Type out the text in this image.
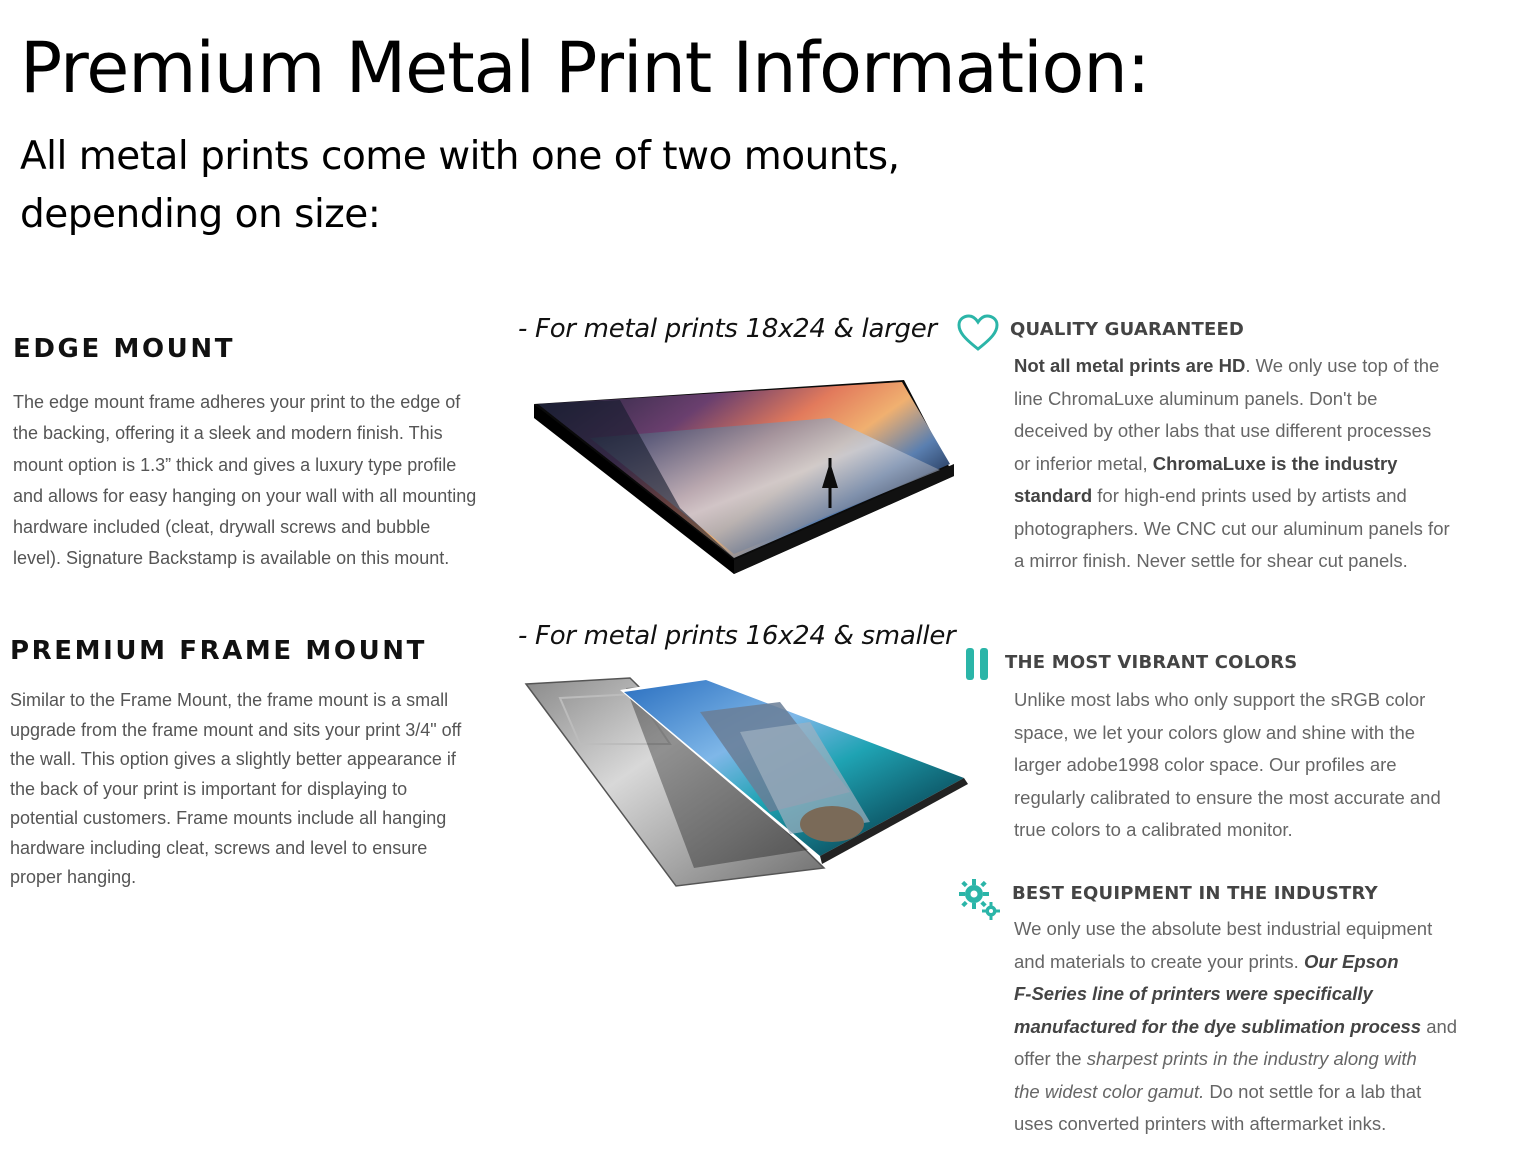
Premium Metal Print Information:
All metal prints come with one of two mounts,
depending on size:
EDGE MOUNT
The edge mount frame adheres your print to the edge of
the backing, offering it a sleek and modern finish. This
mount option is 1.3” thick and gives a luxury type profile
and allows for easy hanging on your wall with all mounting
hardware included (cleat, drywall screws and bubble
level). Signature Backstamp is available on this mount.
- For metal prints 18x24 & larger
PREMIUM FRAME MOUNT
Similar to the Frame Mount, the frame mount is a small
upgrade from the frame mount and sits your print 3/4" off
the wall. This option gives a slightly better appearance if
the back of your print is important for displaying to
potential customers. Frame mounts include all hanging
hardware including cleat, screws and level to ensure
proper hanging.
- For metal prints 16x24 & smaller
QUALITY GUARANTEED
Not all metal prints are HD. We only use top of the
line ChromaLuxe aluminum panels. Don't be
deceived by other labs that use different processes
or inferior metal, ChromaLuxe is the industry
standard for high-end prints used by artists and
photographers. We CNC cut our aluminum panels for
a mirror finish. Never settle for shear cut panels.
THE MOST VIBRANT COLORS
Unlike most labs who only support the sRGB color
space, we let your colors glow and shine with the
larger adobe1998 color space. Our profiles are
regularly calibrated to ensure the most accurate and
true colors to a calibrated monitor.
BEST EQUIPMENT IN THE INDUSTRY
We only use the absolute best industrial equipment
and materials to create your prints. Our Epson
F-Series line of printers were specifically
manufactured for the dye sublimation process and
offer the sharpest prints in the industry along with
the widest color gamut. Do not settle for a lab that
uses converted printers with aftermarket inks.
